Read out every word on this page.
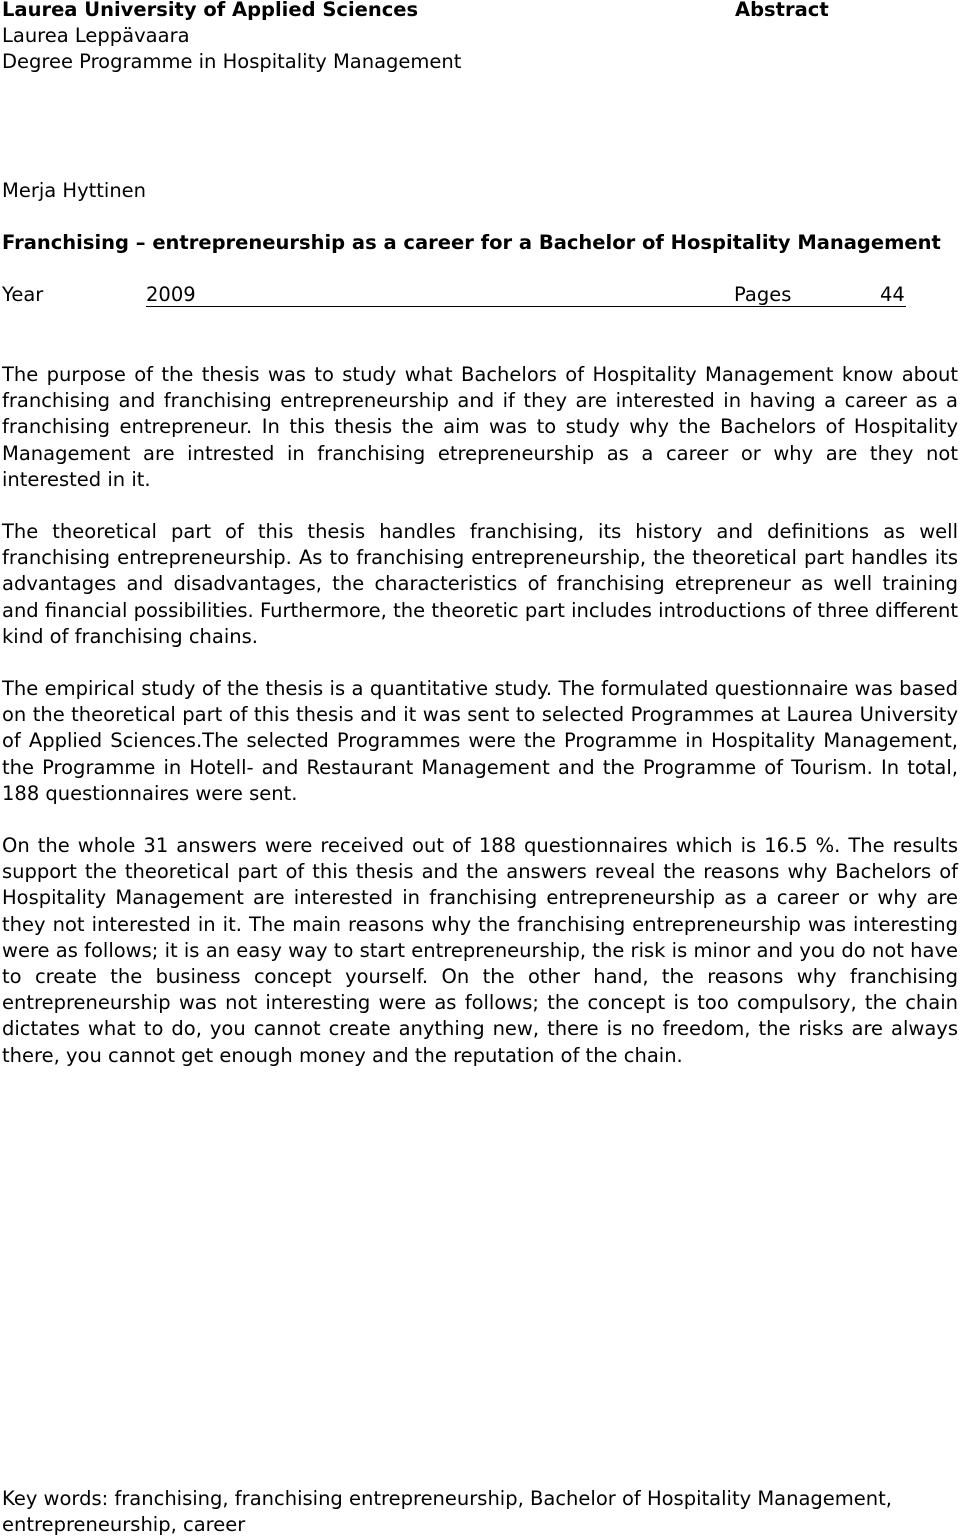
Laurea University of Applied Sciences
Laurea Leppävaara
Degree Programme in Hospitality Management
Abstract
Merja Hyttinen
Franchising – entrepreneurship as a career for a Bachelor of Hospitality Management
Year	2009	Pages	44

The purpose of the thesis was to study what Bachelors of Hospitality Management know about franchising and franchising entrepreneurship and if they are interested in having a career as a franchising entrepreneur. In this thesis the aim was to study why the Bachelors of Hospitality Management are intrested in franchising etrepreneurship as a career or why are they not interested in it.

The theoretical part of this thesis handles franchising, its history and definitions as well franchising entrepreneurship. As to franchising entrepreneurship, the theoretical part handles its advantages and disadvantages, the characteristics of franchising etrepreneur as well training and financial possibilities. Furthermore, the theoretic part includes introductions of three different kind of franchising chains.

The empirical study of the thesis is a quantitative study. The formulated questionnaire was based on the theoretical part of this thesis and it was sent to selected Programmes at Laurea University of Applied Sciences.The selected Programmes were the Programme in Hospitality Management, the Programme in Hotell- and Restaurant Management and the Programme of Tourism. In total, 188 questionnaires were sent.

On the whole 31 answers were received out of 188 questionnaires which is 16.5 %. The results support the theoretical part of this thesis and the answers reveal the reasons why Bachelors of Hospitality Management are interested in franchising entrepreneurship as a career or why are they not interested in it. The main reasons why the franchising entrepreneurship was interesting were as follows; it is an easy way to start entrepreneurship, the risk is minor and you do not have to create the business concept yourself. On the other hand, the reasons why franchising entrepreneurship was not interesting were as follows; the concept is too compulsory, the chain dictates what to do, you cannot create anything new, there is no freedom, the risks are always there, you cannot get enough money and the reputation of the chain.

Key words: franchising, franchising entrepreneurship, Bachelor of Hospitality Management, entrepreneurship, career
